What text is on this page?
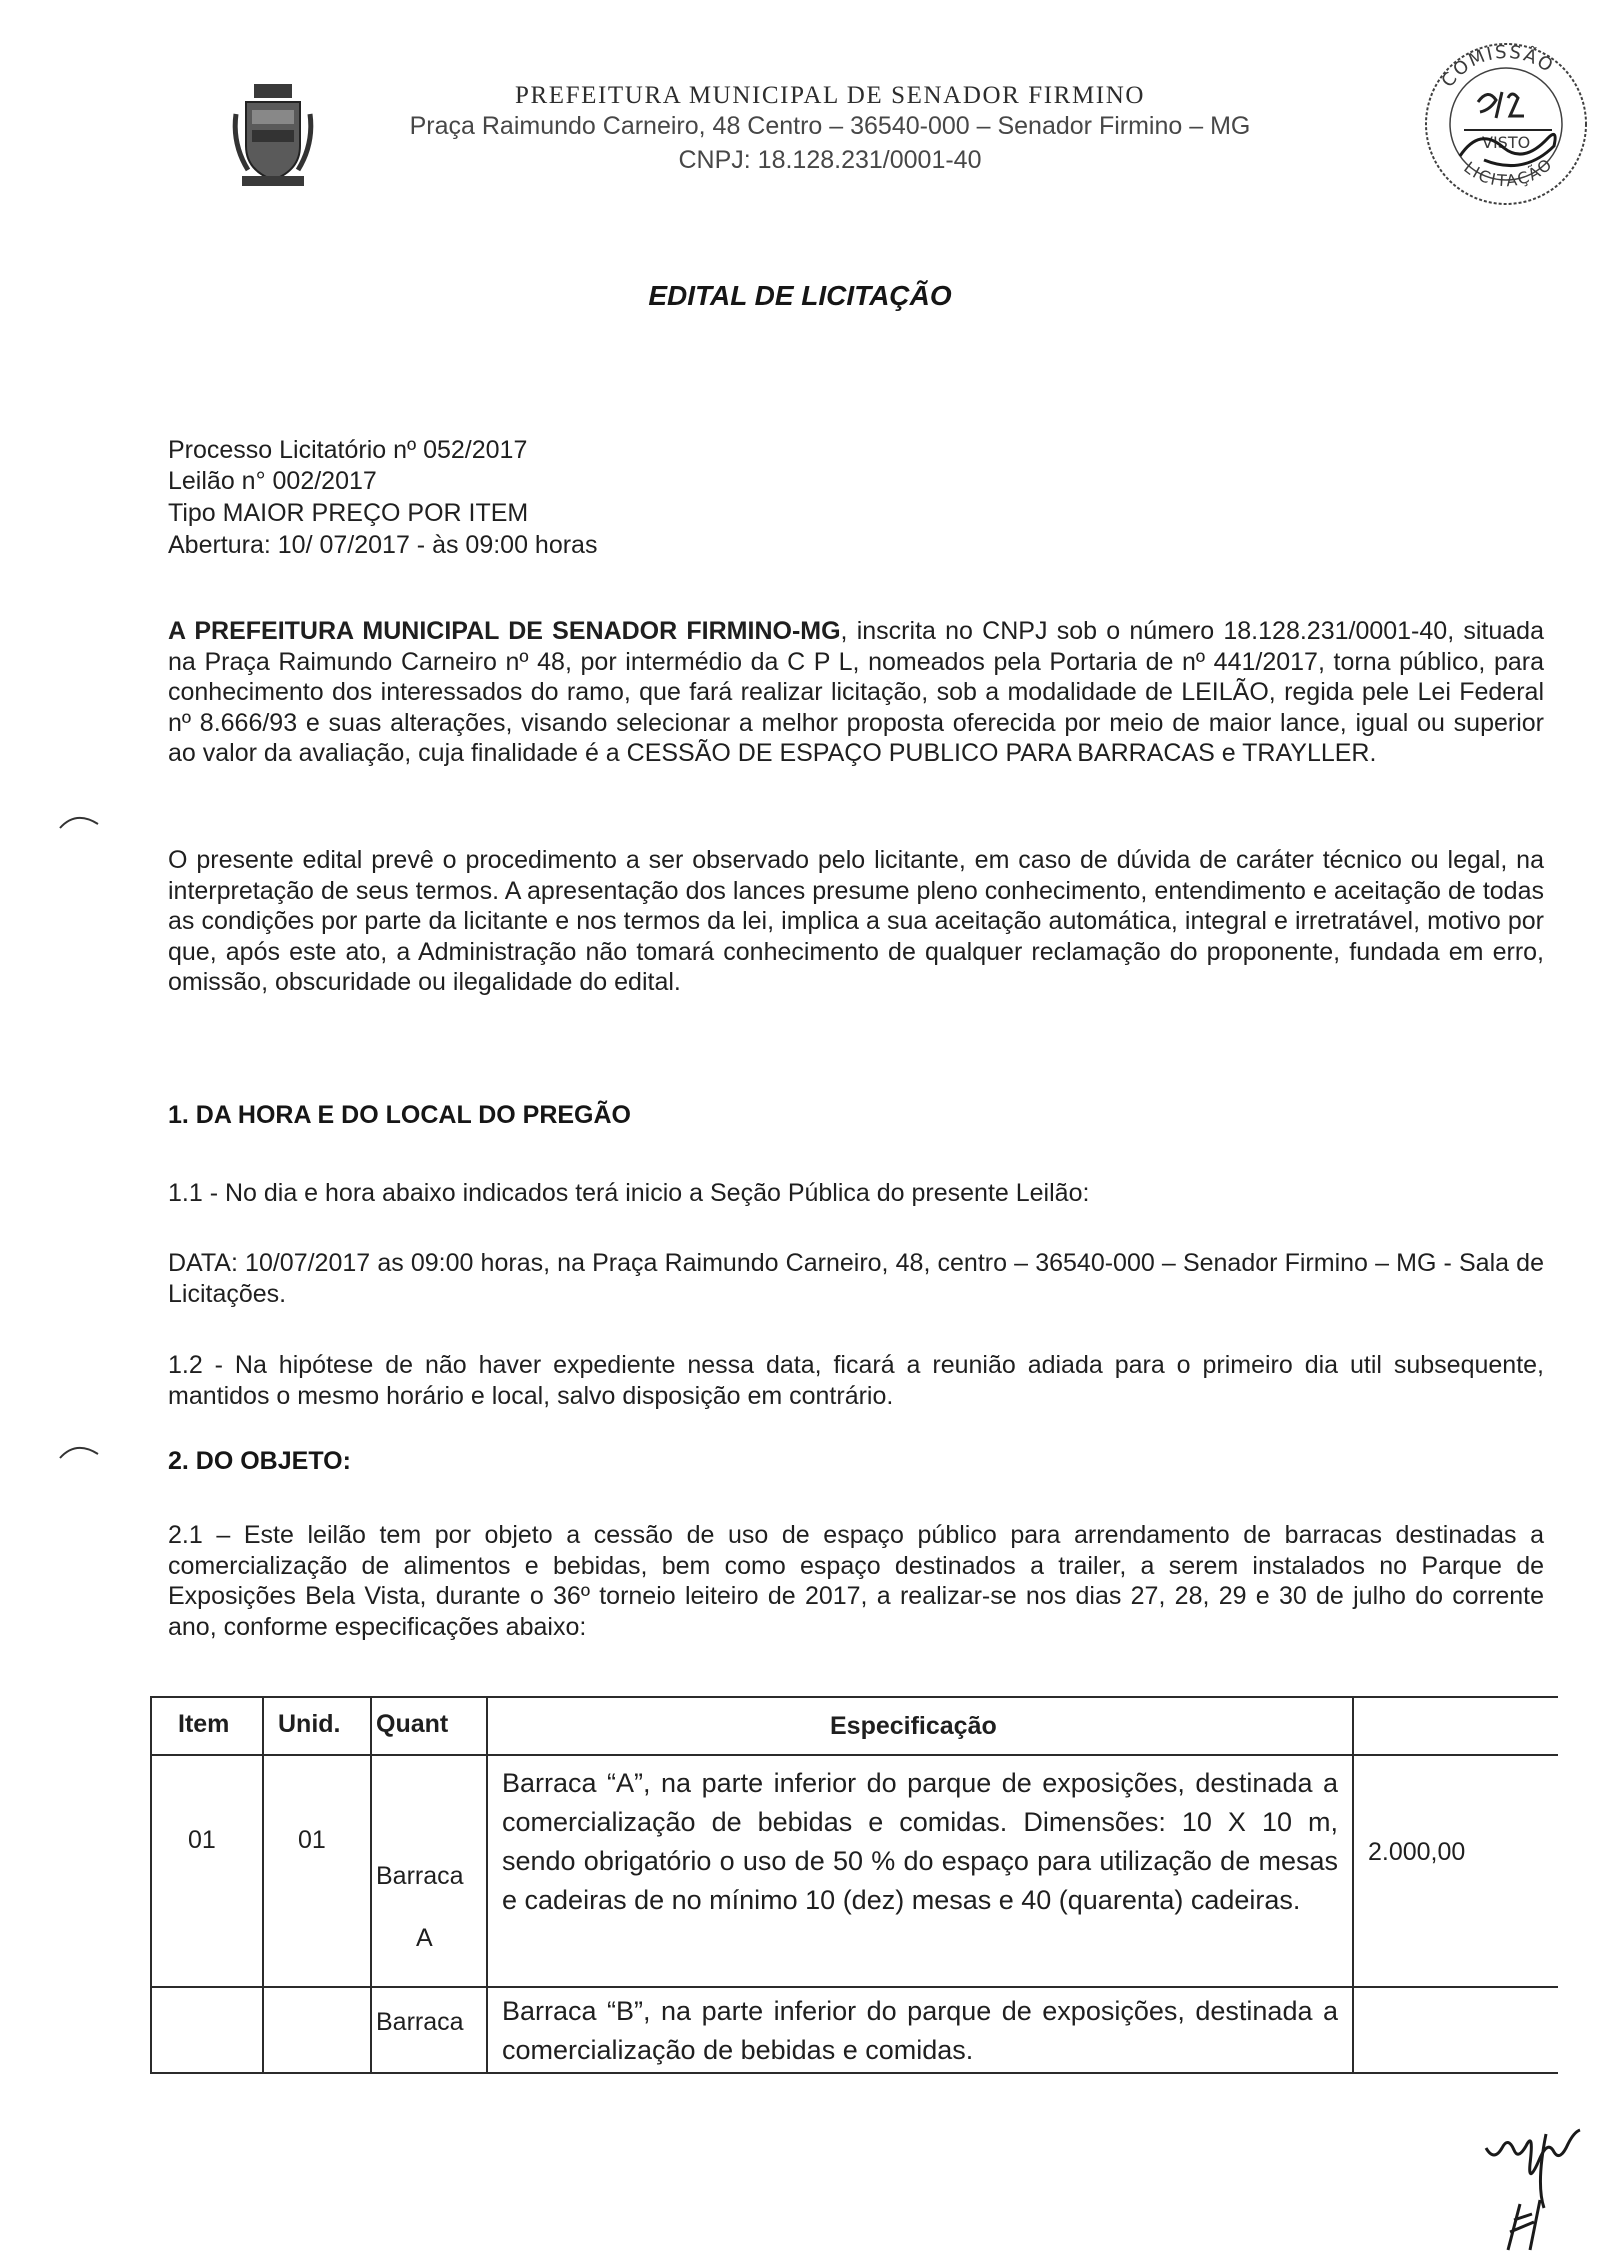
PREFEITURA MUNICIPAL DE SENADOR FIRMINO
Praça Raimundo Carneiro, 48 Centro – 36540-000 – Senador Firmino – MG
CNPJ: 18.128.231/0001-40
COMISSÃO
LICITAÇÃO
VISTO
EDITAL DE LICITAÇÃO
Processo Licitatório nº 052/2017
Leilão n° 002/2017
Tipo MAIOR PREÇO POR ITEM
Abertura: 10/ 07/2017 - às 09:00 horas
A PREFEITURA MUNICIPAL DE SENADOR FIRMINO-MG, inscrita no CNPJ sob o número 18.128.231/0001-40, situada na Praça Raimundo Carneiro nº 48, por intermédio da C P L, nomeados pela Portaria de nº 441/2017, torna público, para conhecimento dos interessados do ramo, que fará realizar licitação, sob a modalidade de LEILÃO, regida pele Lei Federal nº 8.666/93 e suas alterações, visando selecionar a melhor proposta oferecida por meio de maior lance, igual ou superior ao valor da avaliação, cuja finalidade é a CESSÃO DE ESPAÇO PUBLICO PARA BARRACAS e TRAYLLER.
O presente edital prevê o procedimento a ser observado pelo licitante, em caso de dúvida de caráter técnico ou legal, na interpretação de seus termos. A apresentação dos lances presume pleno conhecimento, entendimento e aceitação de todas as condições por parte da licitante e nos termos da lei, implica a sua aceitação automática, integral e irretratável, motivo por que, após este ato, a Administração não tomará conhecimento de qualquer reclamação do proponente, fundada em erro, omissão, obscuridade ou ilegalidade do edital.
1. DA HORA E DO LOCAL DO PREGÃO
1.1 - No dia e hora abaixo indicados terá inicio a Seção Pública do presente Leilão:
DATA: 10/07/2017 as 09:00 horas, na Praça Raimundo Carneiro, 48, centro – 36540-000 – Senador Firmino – MG - Sala de Licitações.
1.2 - Na hipótese de não haver expediente nessa data, ficará a reunião adiada para o primeiro dia util subsequente, mantidos o mesmo horário e local, salvo disposição em contrário.
2. DO OBJETO:
2.1 – Este leilão tem por objeto a cessão de uso de espaço público para arrendamento de barracas destinadas a comercialização de alimentos e bebidas, bem como espaço destinados a trailer, a serem instalados no Parque de Exposições Bela Vista, durante o 36º torneio leiteiro de 2017, a realizar-se nos dias 27, 28, 29 e 30 de julho do corrente ano, conforme especificações abaixo:
Item Unid. Quant	Especificação
01	01
Barraca
A
Barraca “A”, na parte inferior do parque de exposições, destinada a comercialização de bebidas e comidas. Dimensões: 10 X 10 m, sendo obrigatório o uso de 50 % do espaço para utilização de mesas e cadeiras de no mínimo 10 (dez) mesas e 40 (quarenta) cadeiras.
2.000,00
Barraca Barraca “B”, na parte inferior do parque de exposições, destinada a comercialização de bebidas e comidas.
